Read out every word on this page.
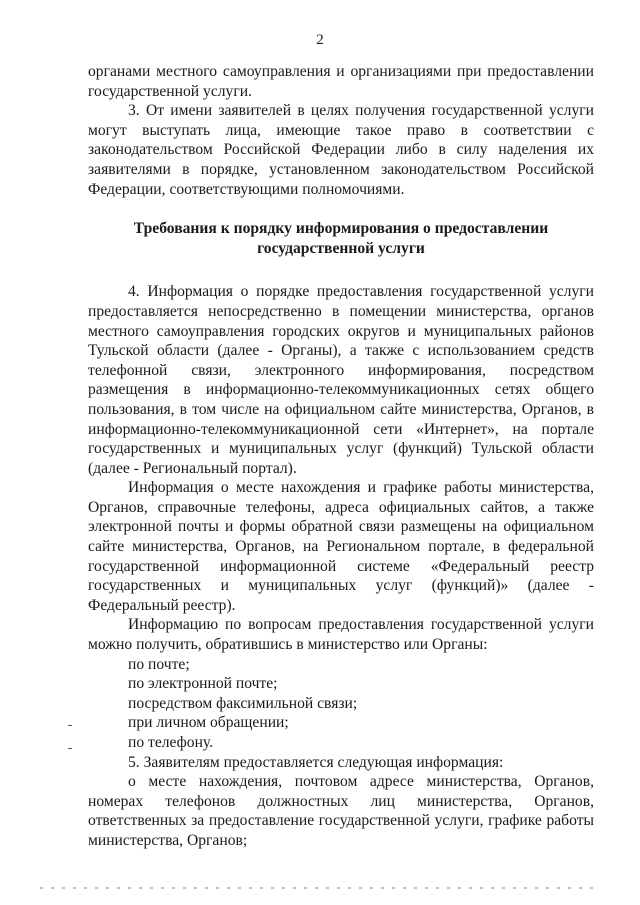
2

органами местного самоуправления и организациями при предоставлении государственной услуги.

3. От имени заявителей в целях получения государственной услуги могут выступать лица, имеющие такое право в соответствии с законодательством Российской Федерации либо в силу наделения их заявителями в порядке, установленном законодательством Российской Федерации, соответствующими полномочиями.

Требования к порядку информирования о предоставлении
государственной услуги

4. Информация о порядке предоставления государственной услуги предоставляется непосредственно в помещении министерства, органов местного самоуправления городских округов и муниципальных районов Тульской области (далее - Органы), а также с использованием средств телефонной связи, электронного информирования, посредством размещения в информационно-телекоммуникационных сетях общего пользования, в том числе на официальном сайте министерства, Органов, в информационно-телекоммуникационной сети «Интернет», на портале государственных и муниципальных услуг (функций) Тульской области (далее - Региональный портал).

Информация о месте нахождения и графике работы министерства, Органов, справочные телефоны, адреса официальных сайтов, а также электронной почты и формы обратной связи размещены на официальном сайте министерства, Органов, на Региональном портале, в федеральной государственной информационной системе «Федеральный реестр государственных и муниципальных услуг (функций)» (далее - Федеральный реестр).

Информацию по вопросам предоставления государственной услуги можно получить, обратившись в министерство или Органы:

по почте;

по электронной почте;

посредством факсимильной связи;

при личном обращении;

по телефону.

5. Заявителям предоставляется следующая информация:

о месте нахождения, почтовом адресе министерства, Органов, номерах телефонов должностных лиц министерства, Органов, ответственных за предоставление государственной услуги, графике работы министерства, Органов;
